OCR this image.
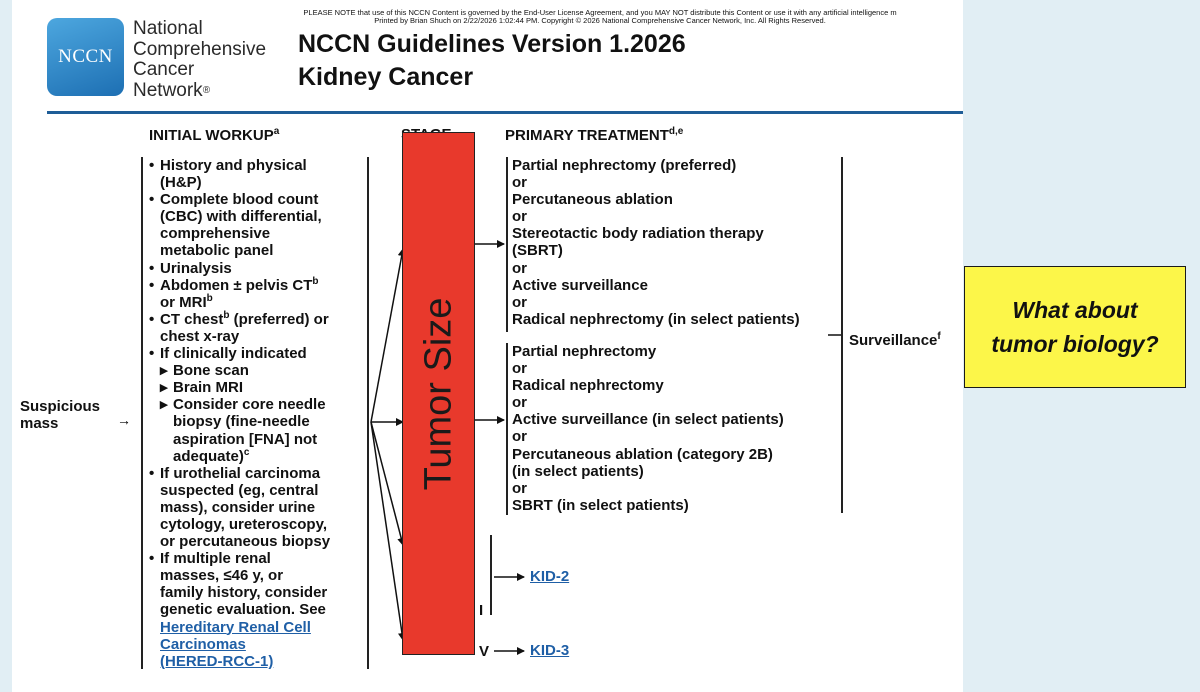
PLEASE NOTE that use of this NCCN Content is governed by the End-User License Agreement, and you MAY NOT distribute this Content or use it with any artificial intelligence m
Printed by Brian Shuch on 2/22/2026 1:02:44 PM. Copyright © 2026 National Comprehensive Cancer Network, Inc. All Rights Reserved.
NCCN
National
Comprehensive
Cancer
Network®
NCCN Guidelines Version 1.2026
Kidney Cancer
INITIAL WORKUP$^a$	PRIMARY TREATMENT$^{d,e}$
Suspicious
mass	→
• History and physical
(H&P)
• Complete blood count
(CBC) with differential,
comprehensive
metabolic panel
• Urinalysis
• Abdomen ± pelvis $CT^b$
or MRI$^b$
• CT chest$^b$ (preferred) or
chest x-ray
• If clinically indicated
▸ Bone scan
▸ Brain MRI
▸ Consider core needle
biopsy (fine-needle
aspiration [FNA] not
adequate)$^c$
• If urothelial carcinoma
suspected (eg, central
mass), consider urine
cytology, ureteroscopy,
or percutaneous biopsy
• If multiple renal
masses, ≤46 y, or
family history, consider
genetic evaluation. See
Hereditary Renal Cell
Carcinomas
(HERED-RCC-1)
Partial nephrectomy (preferred)
or
Percutaneous ablation
or
Stereotactic body radiation therapy
(SBRT)
or
Active surveillance
or
Radical nephrectomy (in select patients)
Partial nephrectomy
or
Radical nephrectomy
or
Active surveillance (in select patients)
or
Percutaneous ablation (category 2B)
(in select patients)
or
SBRT (in select patients)
Surveillance$^f$
I
V
KID-2
KID-3
Tumor Size	What about
tumor biology?
